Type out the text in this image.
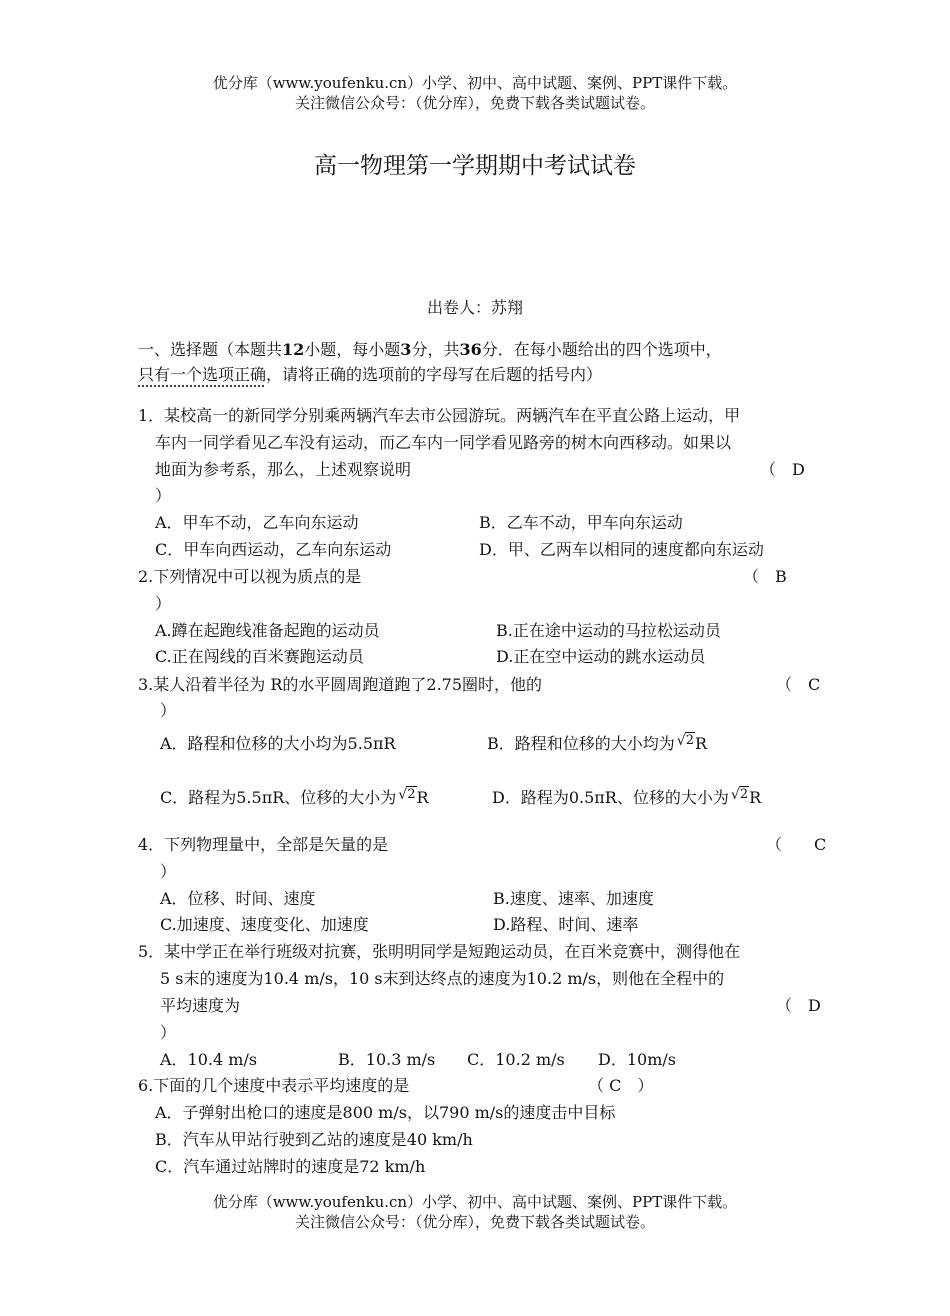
优分库（www.youfenku.cn）小学、初中、高中试题、案例、PPT课件下载。
关注微信公众号：（优分库），免费下载各类试题试卷。
高一物理第一学期期中考试试卷
出卷人：苏翔
一、选择题（本题共12小题，每小题3分，共36分．在每小题给出的四个选项中，
只有一个选项正确，请将正确的选项前的字母写在后题的括号内）
1．某校高一的新同学分别乘两辆汽车去市公园游玩。两辆汽车在平直公路上运动，甲
车内一同学看见乙车没有运动，而乙车内一同学看见路旁的树木向西移动。如果以
地面为参考系，那么，上述观察说明	（　D
）
A．甲车不动，乙车向东运动	B．乙车不动，甲车向东运动
C．甲车向西运动，乙车向东运动	D．甲、乙两车以相同的速度都向东运动
2.下列情况中可以视为质点的是	（　B
）
A.蹲在起跑线准备起跑的运动员	B.正在途中运动的马拉松运动员
C.正在闯线的百米赛跑运动员	D.正在空中运动的跳水运动员
3.某人沿着半径为 R的水平圆周跑道跑了2.75圈时，他的	（　C
）
A．路程和位移的大小均为5.5πR	B．路程和位移的大小均为 √ $^2$R
C．路程为5.5πR、位移的大小为 √ $^2$R	D．路程为0.5πR、位移的大小为 √ $^2$R
4．下列物理量中，全部是矢量的是	（　　C
）
A．位移、时间、速度	B.速度、速率、加速度
C.加速度、速度变化、加速度	D.路程、时间、速率
5．某中学正在举行班级对抗赛，张明明同学是短跑运动员，在百米竞赛中，测得他在
5 s末的速度为10.4 m/s，10 s末到达终点的速度为10.2 m/s，则他在全程中的
平均速度为	（　D
）
A．10.4 m/s	B．10.3 m/s C．10.2 m/s D．10m/s
6.下面的几个速度中表示平均速度的是	（ C　）
A．子弹射出枪口的速度是800 m/s，以790 m/s的速度击中目标
B．汽车从甲站行驶到乙站的速度是40 km/h
C．汽车通过站牌时的速度是72 km/h
优分库（www.youfenku.cn）小学、初中、高中试题、案例、PPT课件下载。
关注微信公众号：（优分库），免费下载各类试题试卷。
